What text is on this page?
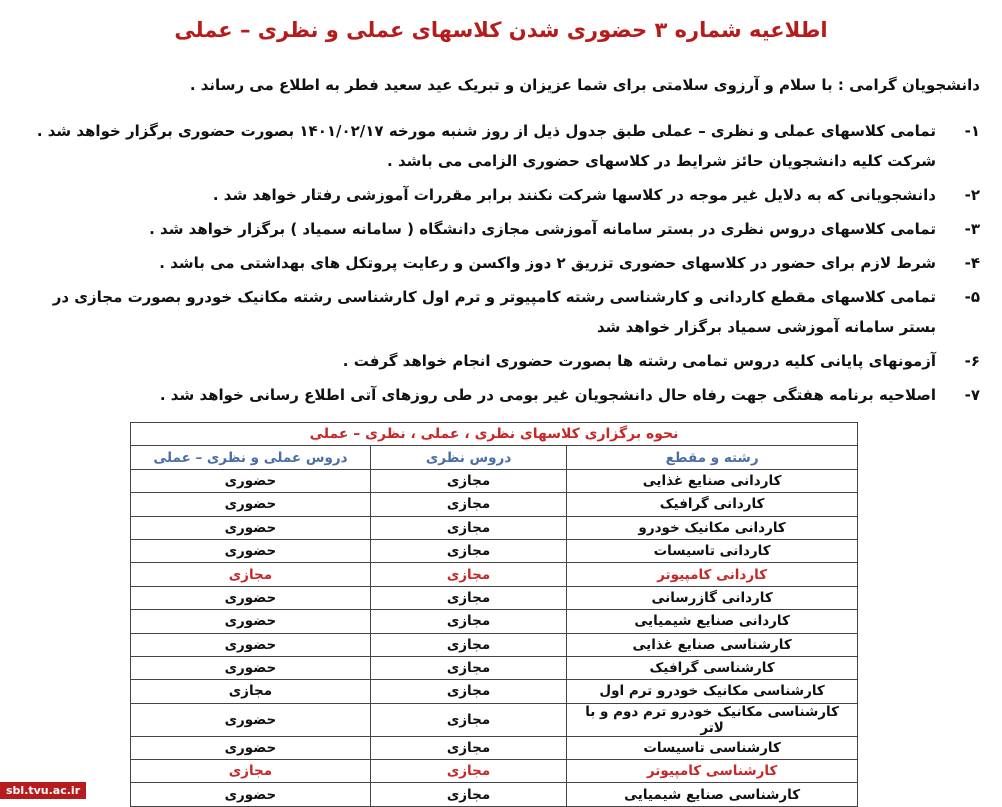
اطلاعیه شماره ۳ حضوری شدن کلاسهای عملی و نظری – عملی

دانشجویان گرامی : با سلام و آرزوی سلامتی برای شما عزیزان و تبریک عید سعید فطر به اطلاع می رساند .

۱-
تمامی کلاسهای عملی و نظری – عملی طبق جدول ذیل از روز شنبه مورخه ۱۴۰۱/۰۲/۱۷ بصورت حضوری برگزار خواهد شد . شرکت کلیه دانشجویان حائز شرایط در کلاسهای حضوری الزامی می باشد .
۲-
دانشجویانی که به دلایل غیر موجه در کلاسها شرکت نکنند برابر مقررات آموزشی رفتار خواهد شد .
۳-
تمامی کلاسهای دروس نظری در بستر سامانه آموزشی مجازی دانشگاه ( سامانه سمیاد ) برگزار خواهد شد .
۴-
شرط لازم برای حضور در کلاسهای حضوری تزریق ۲ دوز واکسن و رعایت پروتکل های بهداشتی می باشد .
۵-
تمامی کلاسهای مقطع کاردانی و کارشناسی رشته کامپیوتر و ترم اول کارشناسی رشته مکانیک خودرو بصورت مجازی در بستر سامانه آموزشی سمیاد برگزار خواهد شد
۶-
آزمونهای پایانی کلیه دروس تمامی رشته ها بصورت حضوری انجام خواهد گرفت .
۷-
اصلاحیه برنامه هفتگی جهت رفاه حال دانشجویان غیر بومی در طی روزهای آتی اطلاع رسانی خواهد شد .
نحوه برگزاری کلاسهای نظری ، عملی ، نظری – عملی		
رشته و مقطع	دروس نظری	دروس عملی و نظری – عملی
کاردانی صنایع غذایی	مجازی	حضوری
کاردانی گرافیک	مجازی	حضوری
کاردانی مکانیک خودرو	مجازی	حضوری
کاردانی تاسیسات	مجازی	حضوری
کاردانی کامپیوتر	مجازی	مجازی
کاردانی گازرسانی	مجازی	حضوری
کاردانی صنایع شیمیایی	مجازی	حضوری
کارشناسی صنایع غذایی	مجازی	حضوری
کارشناسی گرافیک	مجازی	حضوری
کارشناسی مکانیک خودرو ترم اول	مجازی	مجازی
کارشناسی مکانیک خودرو ترم دوم و با لاتر	مجازی	حضوری
کارشناسی تاسیسات	مجازی	حضوری
کارشناسی کامپیوتر	مجازی	مجازی
کارشناسی صنایع شیمیایی	مجازی	حضوری
sbl.tvu.ac.ir
